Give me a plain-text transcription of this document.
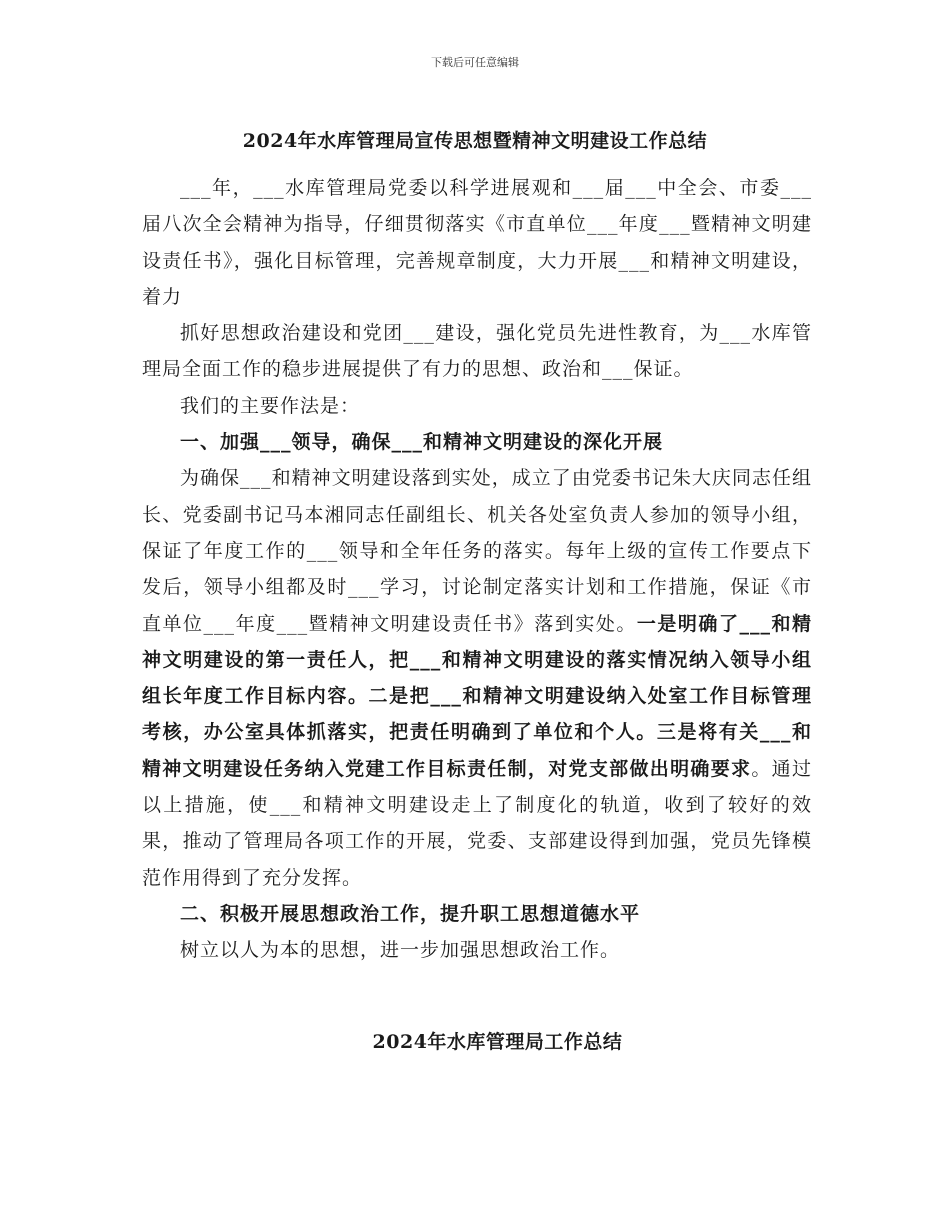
下载后可任意编辑
2024年水库管理局宣传思想暨精神文明建设工作总结

___年，___水库管理局党委以科学进展观和___届___中全会、市委___届八次全会精神为指导，仔细贯彻落实《市直单位___年度___暨精神文明建设责任书》，强化目标管理，完善规章制度，大力开展___和精神文明建设，着力

抓好思想政治建设和党团___建设，强化党员先进性教育，为___水库管理局全面工作的稳步进展提供了有力的思想、政治和___保证。

我们的主要作法是：

一、加强___领导，确保___和精神文明建设的深化开展

为确保___和精神文明建设落到实处，成立了由党委书记朱大庆同志任组长、党委副书记马本湘同志任副组长、机关各处室负责人参加的领导小组，保证了年度工作的___领导和全年任务的落实。每年上级的宣传工作要点下发后，领导小组都及时___学习，讨论制定落实计划和工作措施，保证《市直单位___年度___暨精神文明建设责任书》落到实处。一是明确了___和精神文明建设的第一责任人，把___和精神文明建设的落实情况纳入领导小组组长年度工作目标内容。二是把___和精神文明建设纳入处室工作目标管理考核，办公室具体抓落实，把责任明确到了单位和个人。三是将有关___和精神文明建设任务纳入党建工作目标责任制，对党支部做出明确要求。通过以上措施，使___和精神文明建设走上了制度化的轨道，收到了较好的效果，推动了管理局各项工作的开展，党委、支部建设得到加强，党员先锋模范作用得到了充分发挥。

二、积极开展思想政治工作，提升职工思想道德水平

树立以人为本的思想，进一步加强思想政治工作。

2024年水库管理局工作总结
